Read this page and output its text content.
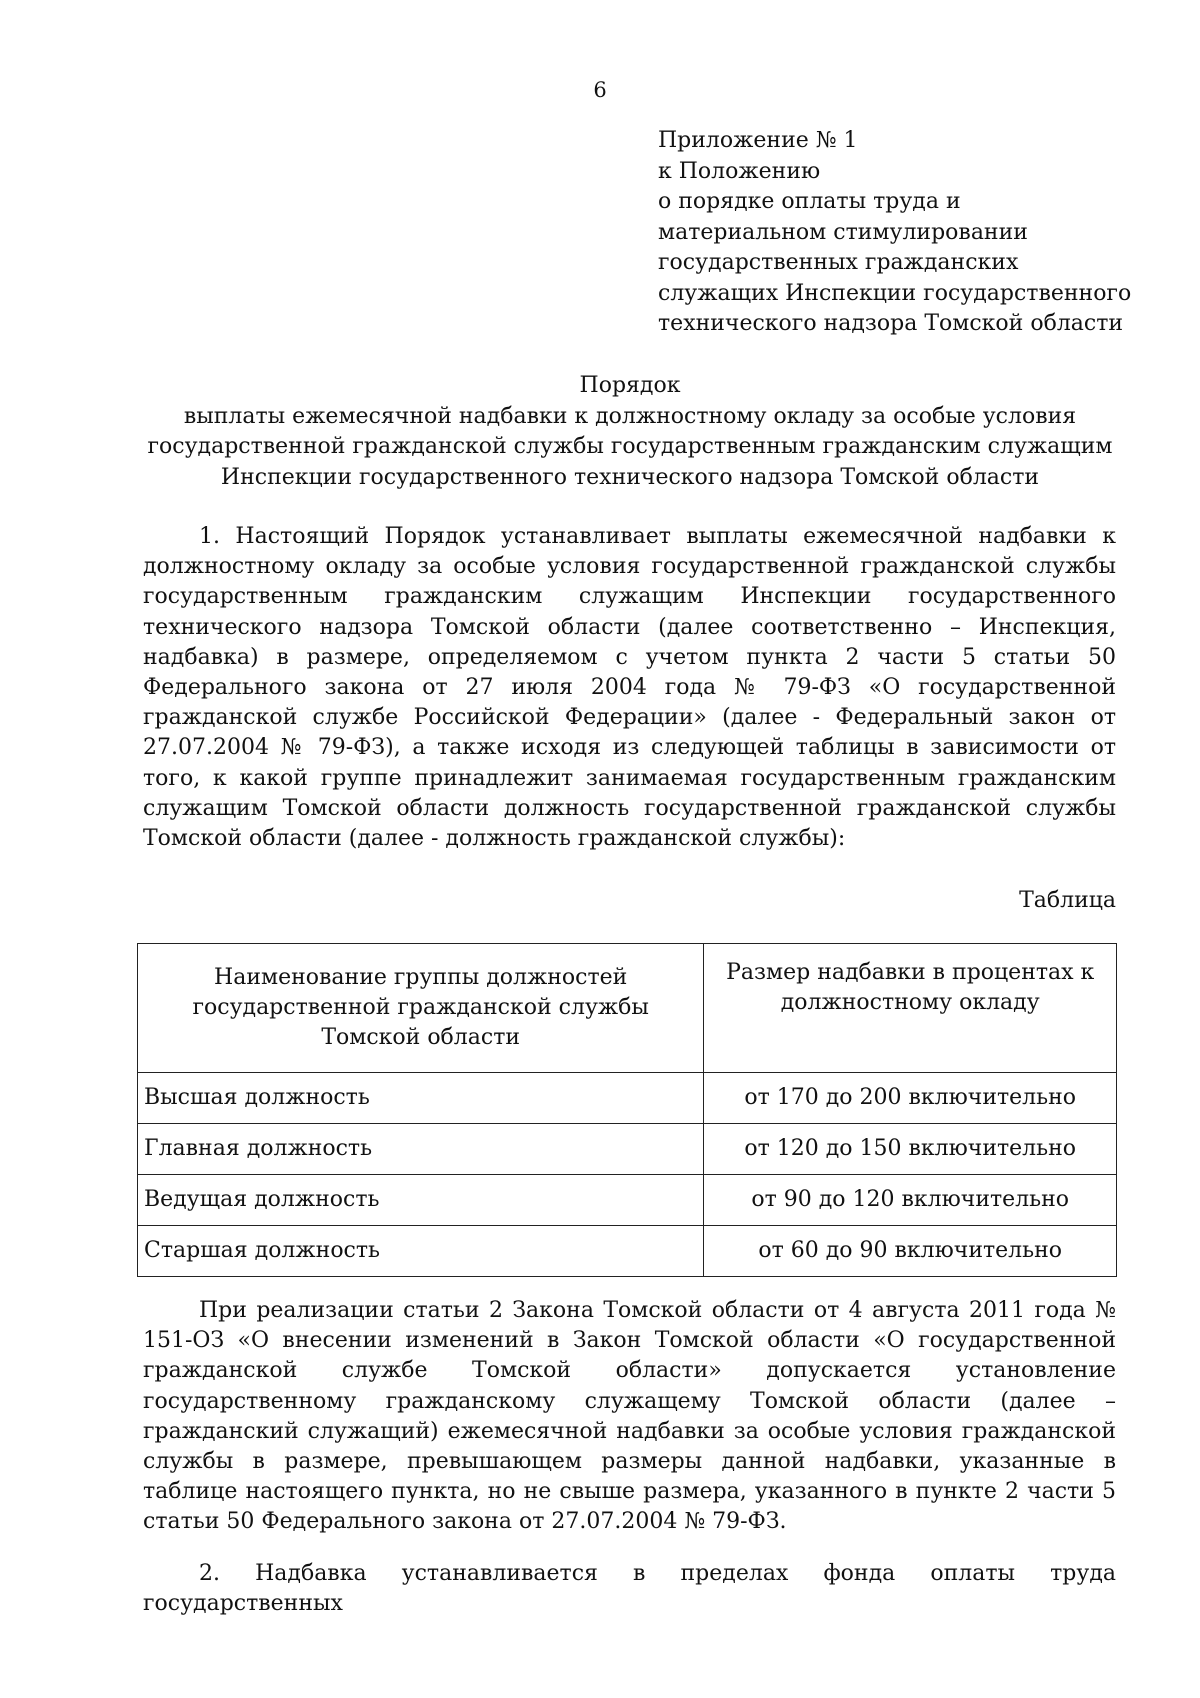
6
Приложение № 1
к Положению
о порядке оплаты труда и
материальном стимулировании
государственных гражданских
служащих Инспекции государственного
технического надзора Томской области
Порядок
выплаты ежемесячной надбавки к должностному окладу за особые условия
государственной гражданской службы государственным гражданским служащим
Инспекции государственного технического надзора Томской области

1. Настоящий Порядок устанавливает выплаты ежемесячной надбавки к должностному окладу за особые условия государственной гражданской службы государственным гражданским служащим Инспекции государственного технического надзора Томской области (далее соответственно – Инспекция, надбавка) в размере, определяемом с учетом пункта 2 части 5 статьи 50 Федерального закона от 27 июля 2004 года № 79-ФЗ «О государственной гражданской службе Российской Федерации» (далее - Федеральный закон от 27.07.2004 № 79-ФЗ), а также исходя из следующей таблицы в зависимости от того, к какой группе принадлежит занимаемая государственным гражданским служащим Томской области должность государственной гражданской службы Томской области (далее - должность гражданской службы):

Таблица
Наименование группы должностей государственной гражданской службы Томской области	Размер надбавки в процентах к должностному окладу
Высшая должность	от 170 до 200 включительно
Главная должность	от 120 до 150 включительно
Ведущая должность	от 90 до 120 включительно
Старшая должность	от 60 до 90 включительно

При реализации статьи 2 Закона Томской области от 4 августа 2011 года № 151-ОЗ «О внесении изменений в Закон Томской области «О государственной гражданской службе Томской области» допускается установление государственному гражданскому служащему Томской области (далее – гражданский служащий) ежемесячной надбавки за особые условия гражданской службы в размере, превышающем размеры данной надбавки, указанные в таблице настоящего пункта, но не свыше размера, указанного в пункте 2 части 5 статьи 50 Федерального закона от 27.07.2004 № 79-ФЗ.

2. Надбавка устанавливается в пределах фонда оплаты труда государственных
